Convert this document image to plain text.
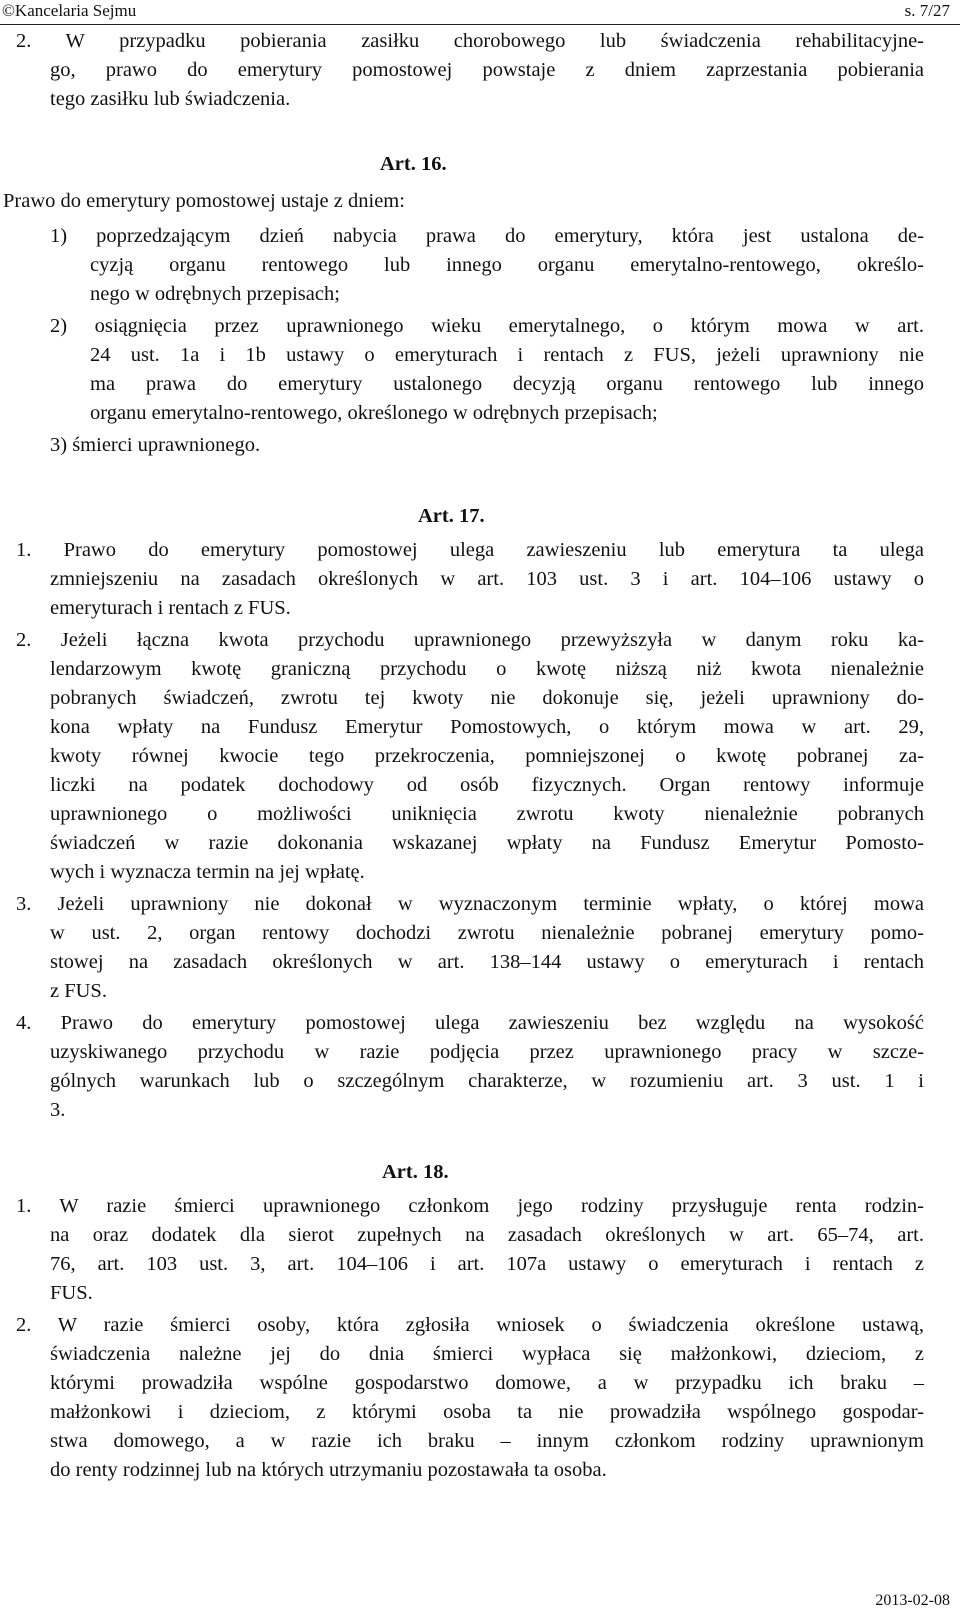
©Kancelaria Sejmu	s. 7/27
2. W przypadku pobierania zasiłku chorobowego lub świadczenia rehabilitacyjne-
go, prawo do emerytury pomostowej powstaje z dniem zaprzestania pobierania
tego zasiłku lub świadczenia.
Art. 16.
Prawo do emerytury pomostowej ustaje z dniem:
1) poprzedzającym dzień nabycia prawa do emerytury, która jest ustalona de-
cyzją organu rentowego lub innego organu emerytalno-rentowego, określo-
nego w odrębnych przepisach;
2) osiągnięcia przez uprawnionego wieku emerytalnego, o którym mowa w art.
24 ust. 1a i 1b ustawy o emeryturach i rentach z FUS, jeżeli uprawniony nie
ma prawa do emerytury ustalonego decyzją organu rentowego lub innego
organu emerytalno-rentowego, określonego w odrębnych przepisach;
3) śmierci uprawnionego.
Art. 17.
1. Prawo do emerytury pomostowej ulega zawieszeniu lub emerytura ta ulega
zmniejszeniu na zasadach określonych w art. 103 ust. 3 i art. 104–106 ustawy o
emeryturach i rentach z FUS.
2. Jeżeli łączna kwota przychodu uprawnionego przewyższyła w danym roku ka-
lendarzowym kwotę graniczną przychodu o kwotę niższą niż kwota nienależnie
pobranych świadczeń, zwrotu tej kwoty nie dokonuje się, jeżeli uprawniony do-
kona wpłaty na Fundusz Emerytur Pomostowych, o którym mowa w art. 29,
kwoty równej kwocie tego przekroczenia, pomniejszonej o kwotę pobranej za-
liczki na podatek dochodowy od osób fizycznych. Organ rentowy informuje
uprawnionego o możliwości uniknięcia zwrotu kwoty nienależnie pobranych
świadczeń w razie dokonania wskazanej wpłaty na Fundusz Emerytur Pomosto-
wych i wyznacza termin na jej wpłatę.
3. Jeżeli uprawniony nie dokonał w wyznaczonym terminie wpłaty, o której mowa
w ust. 2, organ rentowy dochodzi zwrotu nienależnie pobranej emerytury pomo-
stowej na zasadach określonych w art. 138–144 ustawy o emeryturach i rentach
z FUS.
4. Prawo do emerytury pomostowej ulega zawieszeniu bez względu na wysokość
uzyskiwanego przychodu w razie podjęcia przez uprawnionego pracy w szcze-
gólnych warunkach lub o szczególnym charakterze, w rozumieniu art. 3 ust. 1 i
3.
Art. 18.
1. W razie śmierci uprawnionego członkom jego rodziny przysługuje renta rodzin-
na oraz dodatek dla sierot zupełnych na zasadach określonych w art. 65–74, art.
76, art. 103 ust. 3, art. 104–106 i art. 107a ustawy o emeryturach i rentach z
FUS.
2. W razie śmierci osoby, która zgłosiła wniosek o świadczenia określone ustawą,
świadczenia należne jej do dnia śmierci wypłaca się małżonkowi, dzieciom, z
którymi prowadziła wspólne gospodarstwo domowe, a w przypadku ich braku –
małżonkowi i dzieciom, z którymi osoba ta nie prowadziła wspólnego gospodar-
stwa domowego, a w razie ich braku – innym członkom rodziny uprawnionym
do renty rodzinnej lub na których utrzymaniu pozostawała ta osoba.
2013-02-08
